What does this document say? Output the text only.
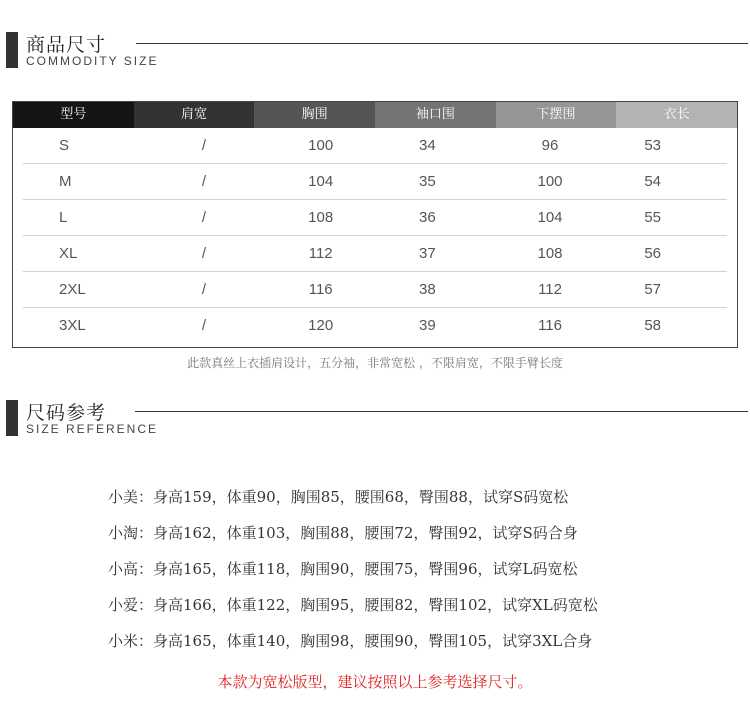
商品尺寸
COMMODITY SIZE
型号	肩宽	胸围	袖口围	下摆围	衣长
S	/	100	34	96	53
M	/	104	35	100	54
L	/	108	36	104	55
XL	/	112	37	108	56
2XL	/	116	38	112	57
3XL	/	120	39	116	58
此款真丝上衣插肩设计，五分袖，非常宽松 ，不限肩宽，不限手臂长度
尺码参考
SIZE REFERENCE
小美：身高159，体重90，胸围85，腰围68，臀围88，试穿S码宽松
小淘：身高162，体重103，胸围88，腰围72，臀围92，试穿S码合身
小高：身高165，体重118，胸围90，腰围75，臀围96，试穿L码宽松
小爱：身高166，体重122，胸围95，腰围82，臀围102，试穿XL码宽松
小米：身高165，体重140，胸围98，腰围90，臀围105，试穿3XL合身
本款为宽松版型，建议按照以上参考选择尺寸。
